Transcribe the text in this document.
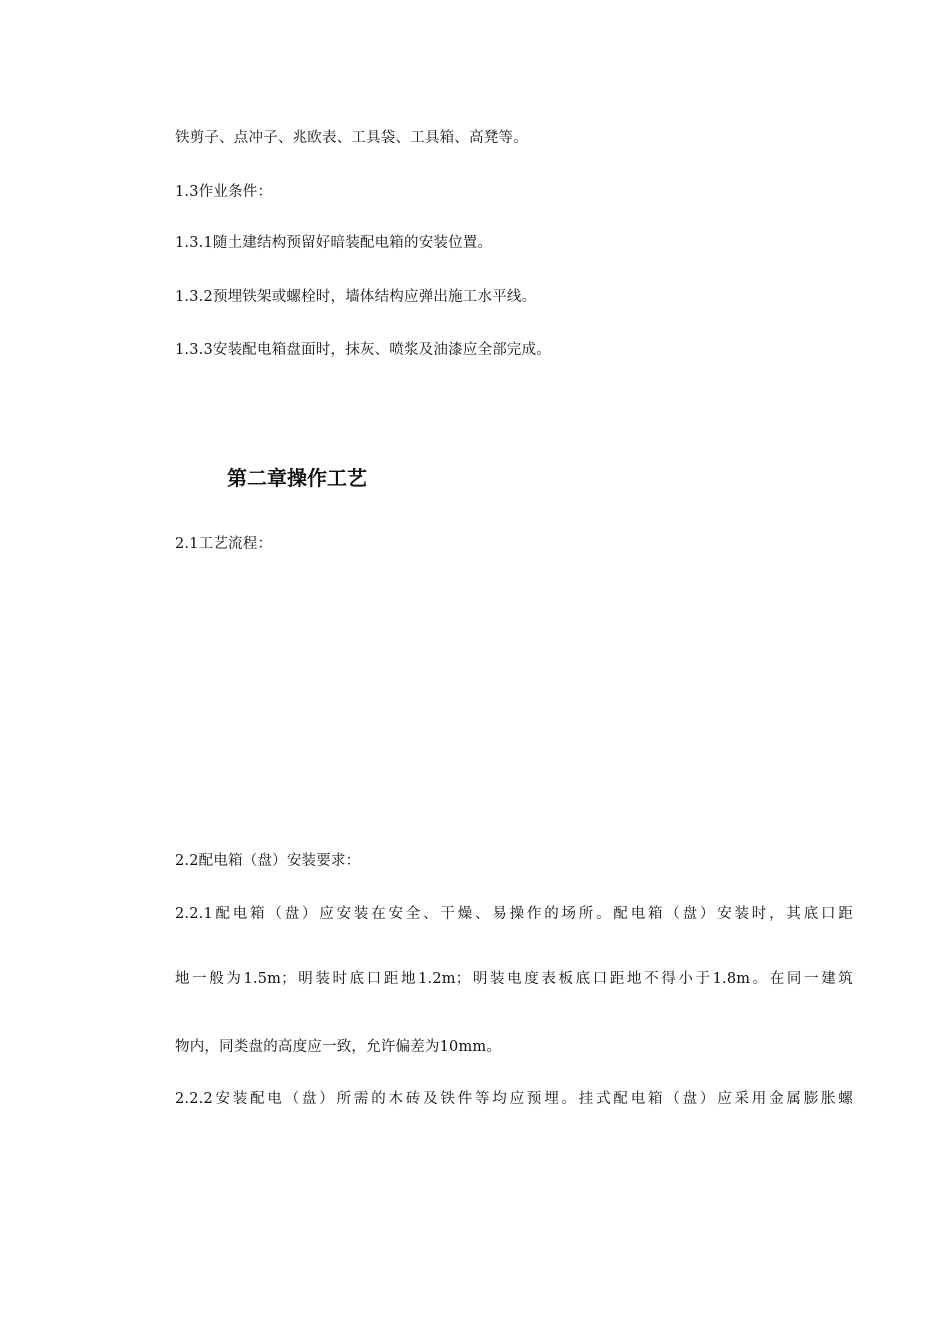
铁剪子、点冲子、兆欧表、工具袋、工具箱、高凳等。
1.3作业条件：
1.3.1随土建结构预留好暗装配电箱的安装位置。
1.3.2预埋铁架或螺栓时，墙体结构应弹出施工水平线。
1.3.3安装配电箱盘面时，抹灰、喷浆及油漆应全部完成。
第二章操作工艺
2.1工艺流程：
2.2配电箱（盘）安装要求：
2.2.1配电箱（盘）应安装在安全、干燥、易操作的场所。配电箱（盘）安装时，其底口距
地一般为1.5m；明装时底口距地1.2m；明装电度表板底口距地不得小于1.8m。在同一建筑
物内，同类盘的高度应一致，允许偏差为10mm。
2.2.2安装配电（盘）所需的木砖及铁件等均应预埋。挂式配电箱（盘）应采用金属膨胀螺
